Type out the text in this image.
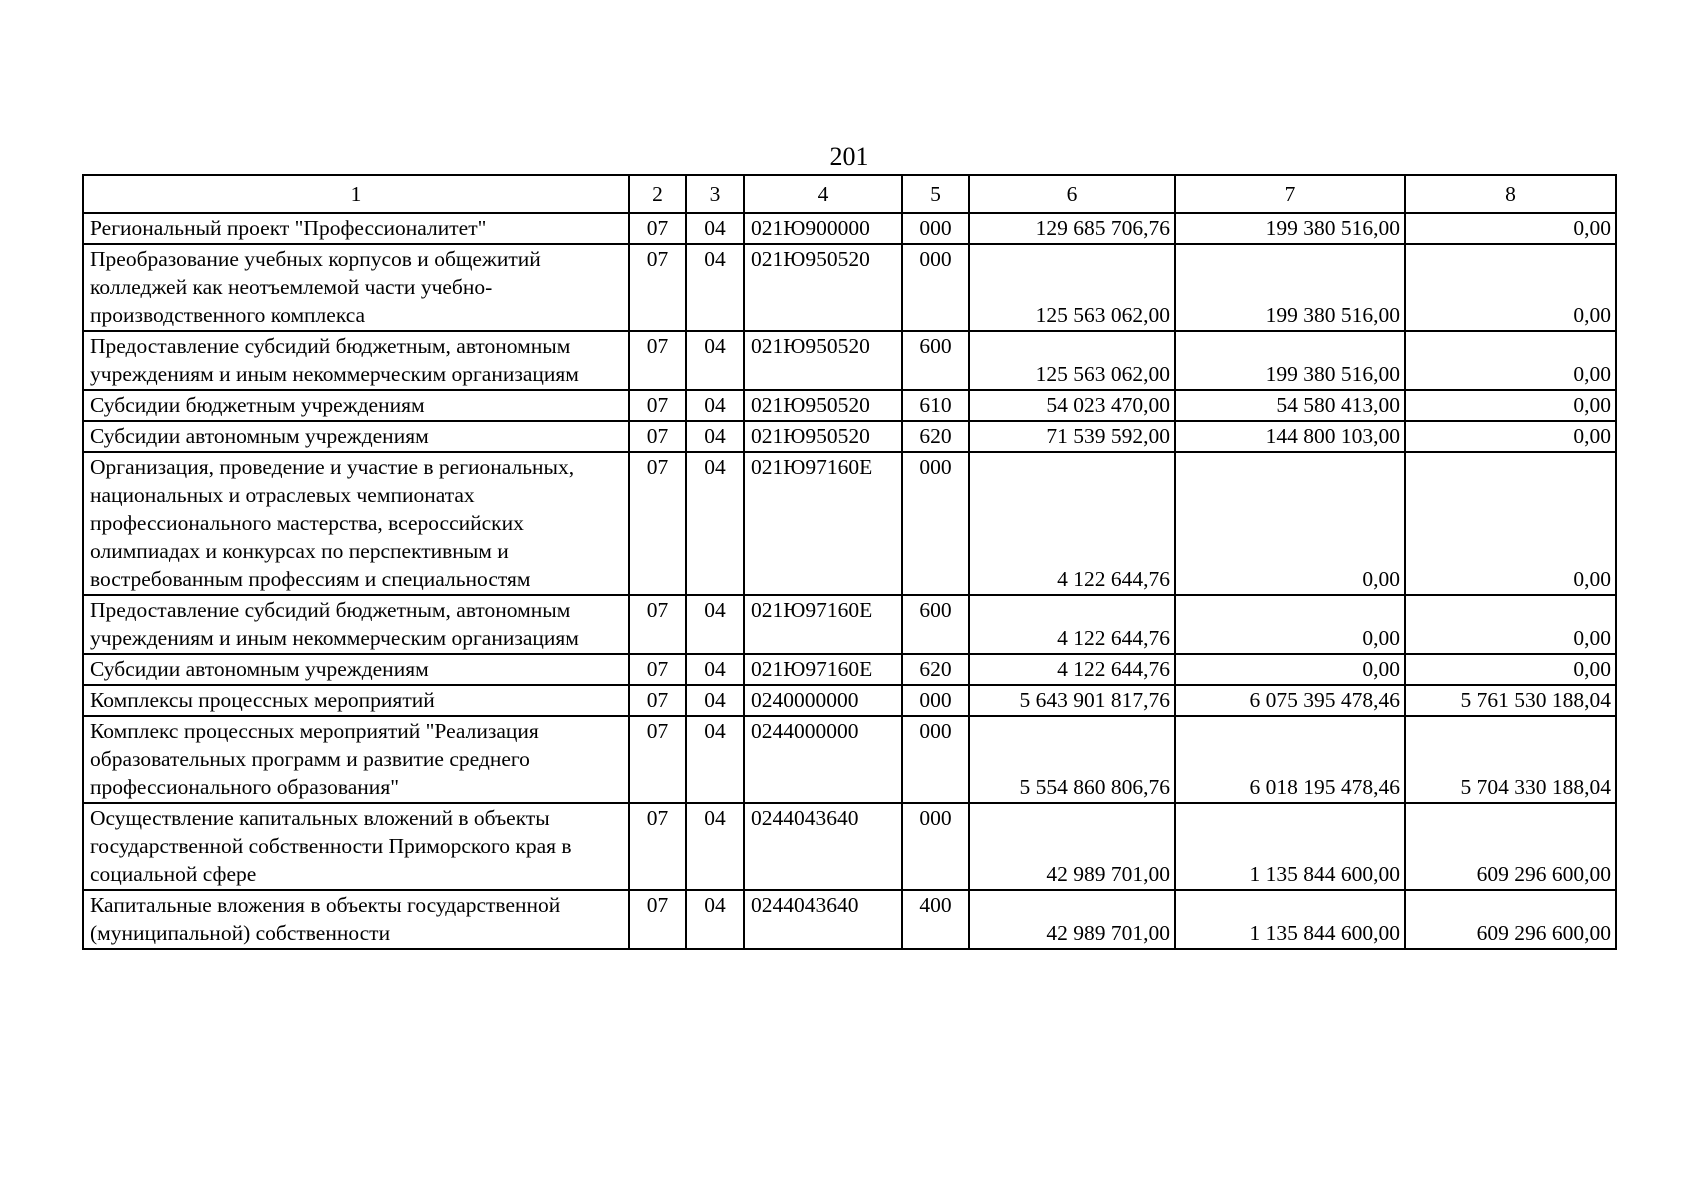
201
1	2	3	4	5	6	7	8
Региональный проект "Профессионалитет"	07	04	021Ю900000	000	129 685 706,76	199 380 516,00	0,00
Преобразование учебных корпусов и общежитий колледжей как неотъемлемой части учебно-производственного комплекса	07	04	021Ю950520	000	125 563 062,00	199 380 516,00	0,00
Предоставление субсидий бюджетным, автономным учреждениям и иным некоммерческим организациям	07	04	021Ю950520	600	125 563 062,00	199 380 516,00	0,00
Субсидии бюджетным учреждениям	07	04	021Ю950520	610	54 023 470,00	54 580 413,00	0,00
Субсидии автономным учреждениям	07	04	021Ю950520	620	71 539 592,00	144 800 103,00	0,00
Организация, проведение и участие в региональных, национальных и отраслевых чемпионатах профессионального мастерства, всероссийских олимпиадах и конкурсах по перспективным и востребованным профессиям и специальностям	07	04	021Ю97160Е	000	4 122 644,76	0,00	0,00
Предоставление субсидий бюджетным, автономным учреждениям и иным некоммерческим организациям	07	04	021Ю97160Е	600	4 122 644,76	0,00	0,00
Субсидии автономным учреждениям	07	04	021Ю97160Е	620	4 122 644,76	0,00	0,00
Комплексы процессных мероприятий	07	04	0240000000	000	5 643 901 817,76	6 075 395 478,46	5 761 530 188,04
Комплекс процессных мероприятий "Реализация образовательных программ и развитие среднего профессионального образования"	07	04	0244000000	000	5 554 860 806,76	6 018 195 478,46	5 704 330 188,04
Осуществление капитальных вложений в объекты государственной собственности Приморского края в социальной сфере	07	04	0244043640	000	42 989 701,00	1 135 844 600,00	609 296 600,00
Капитальные вложения в объекты государственной (муниципальной) собственности	07	04	0244043640	400	42 989 701,00	1 135 844 600,00	609 296 600,00
